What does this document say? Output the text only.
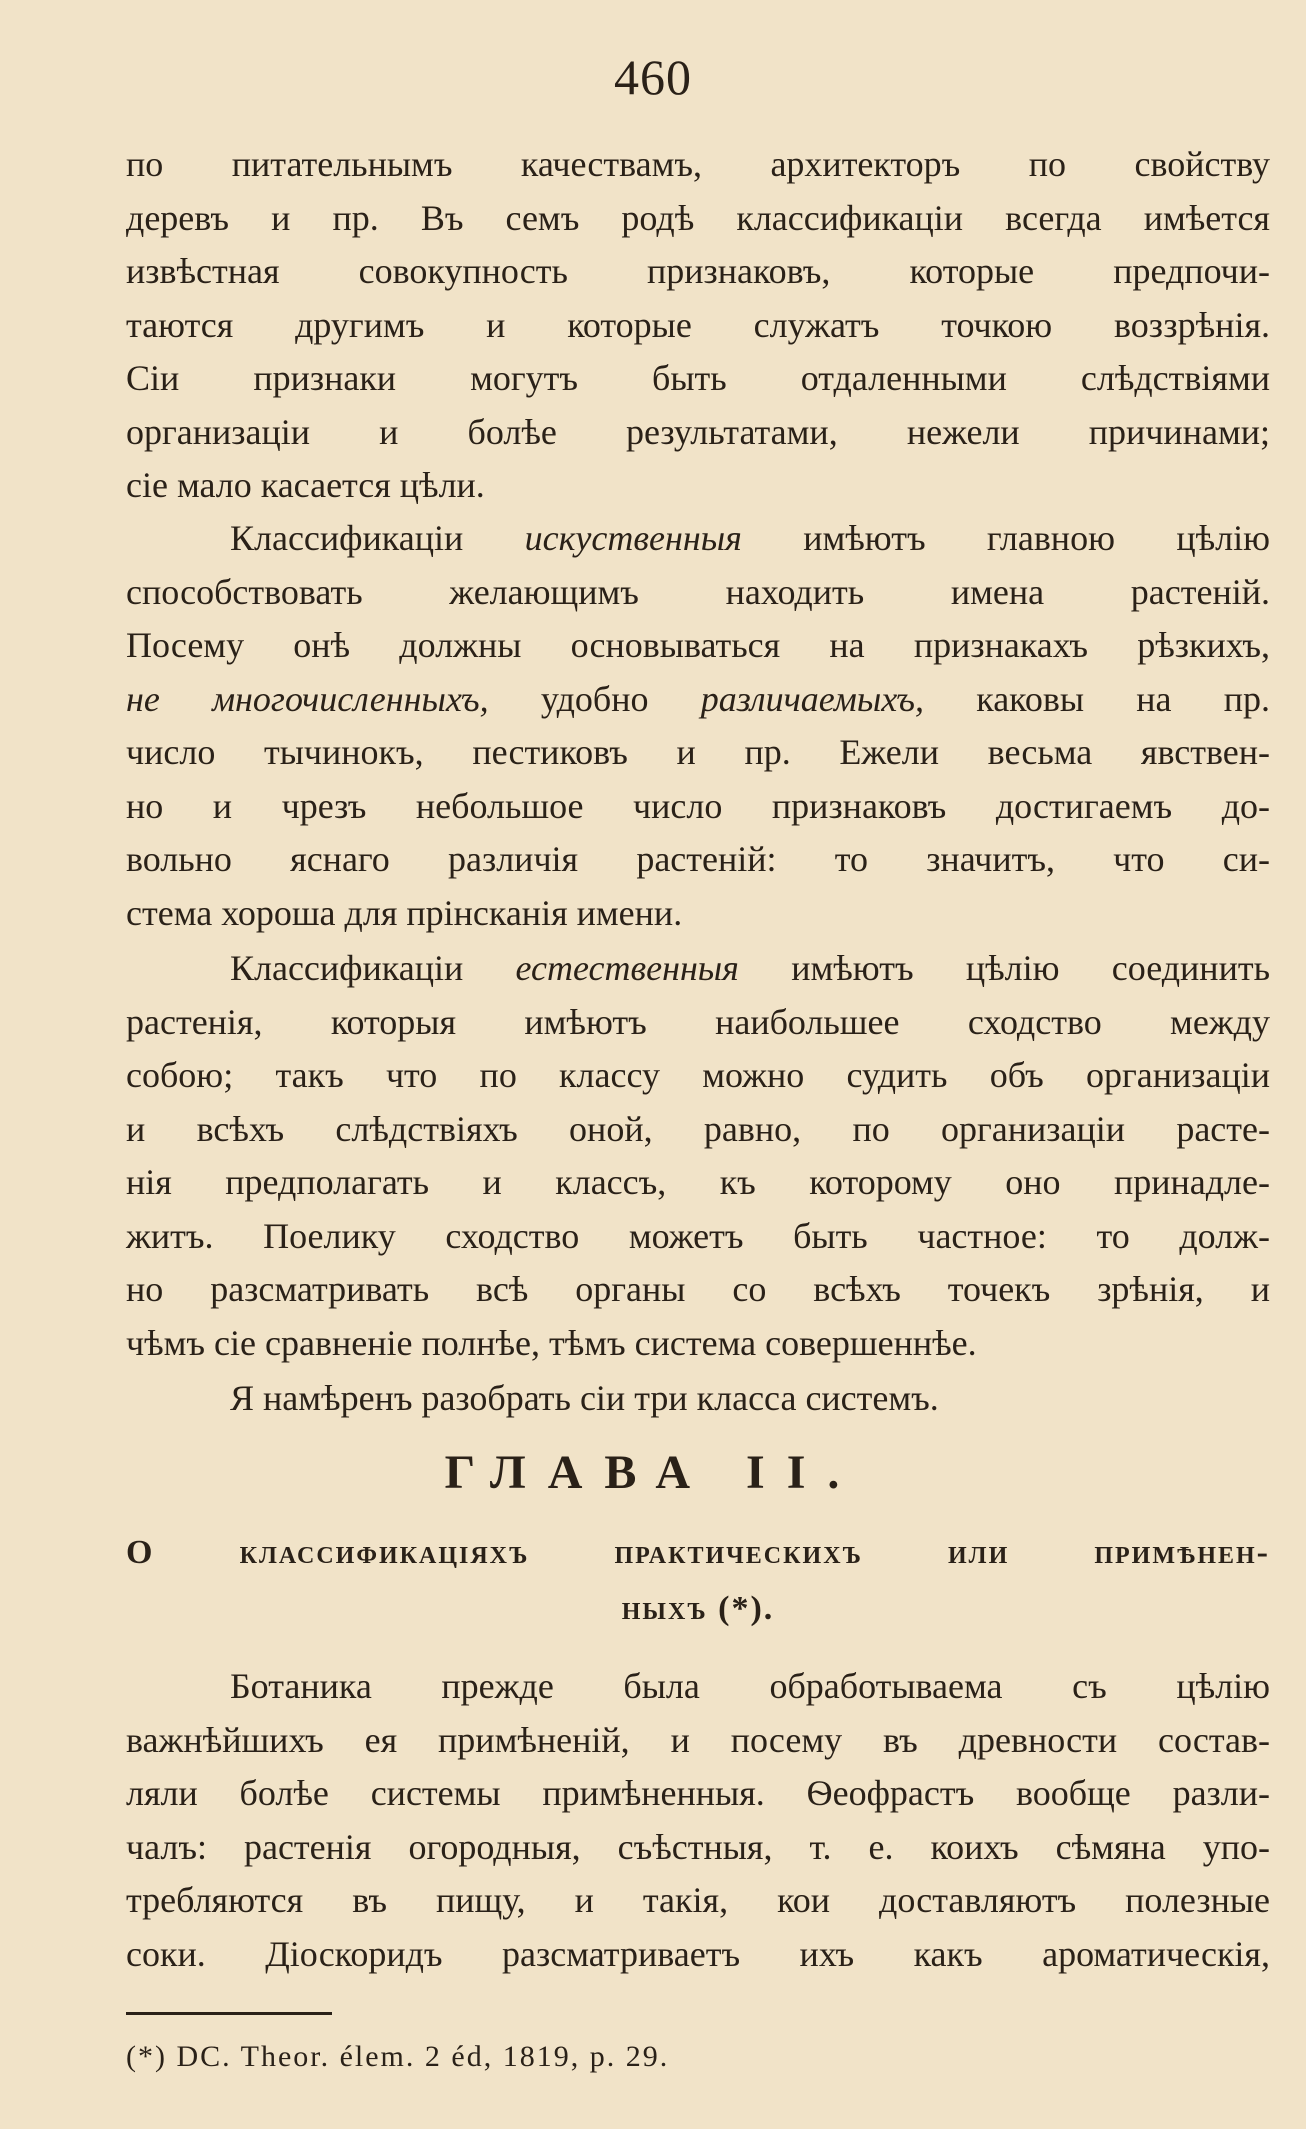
460

по питательнымъ качествамъ, архитекторъ по свойству

деревъ и пр. Въ семъ родѣ классификаціи всегда имѣется

извѣстная совокупность признаковъ, которые предпочи-

таются другимъ и которые служатъ точкою воззрѣнія.

Сіи признаки могутъ быть отдаленными слѣдствіями

организаціи и болѣе результатами, нежели причинами;

сіе мало касается цѣли.

Классификаціи искуственныя имѣютъ главною цѣлію

способствовать желающимъ находить имена растеній.

Посему онѣ должны основываться на признакахъ рѣзкихъ,

не многочисленныхъ, удобно различаемыхъ, каковы на пр.

число тычинокъ, пестиковъ и пр. Ежели весьма явствен-

но и чрезъ небольшое число признаковъ достигаемъ до-

вольно яснаго различія растеній: то значитъ, что си-

стема хороша для прінсканія имени.

Классификаціи естественныя имѣютъ цѣлію соединить

растенія, которыя имѣютъ наибольшее сходство между

собою; такъ что по классу можно судить объ организаціи

и всѣхъ слѣдствіяхъ оной, равно, по организаціи расте-

нія предполагать и классъ, къ которому оно принадле-

житъ. Поелику сходство можетъ быть частное: то долж-

но разсматривать всѣ органы со всѣхъ точекъ зрѣнія, и

чѣмъ сіе сравненіе полнѣе, тѣмъ система совершеннѣе.

Я намѣренъ разобрать сіи три класса системъ.

ГЛАВА II.
О классификаціяхъ практическихъ или примѣнен-
ныхъ (*).

Ботаника прежде была обработываема съ цѣлію

важнѣйшихъ ея примѣненій, и посему въ древности состав-

ляли болѣе системы примѣненныя. Ѳеофрастъ вообще разли-

чалъ: растенія огородныя, съѣстныя, т. е. коихъ сѣмяна упо-

требляются въ пищу, и такія, кои доставляютъ полезные

соки. Діоскоридъ разсматриваетъ ихъ какъ ароматическія,

(*) DC. Theor. élem. 2 éd, 1819, p. 29.
